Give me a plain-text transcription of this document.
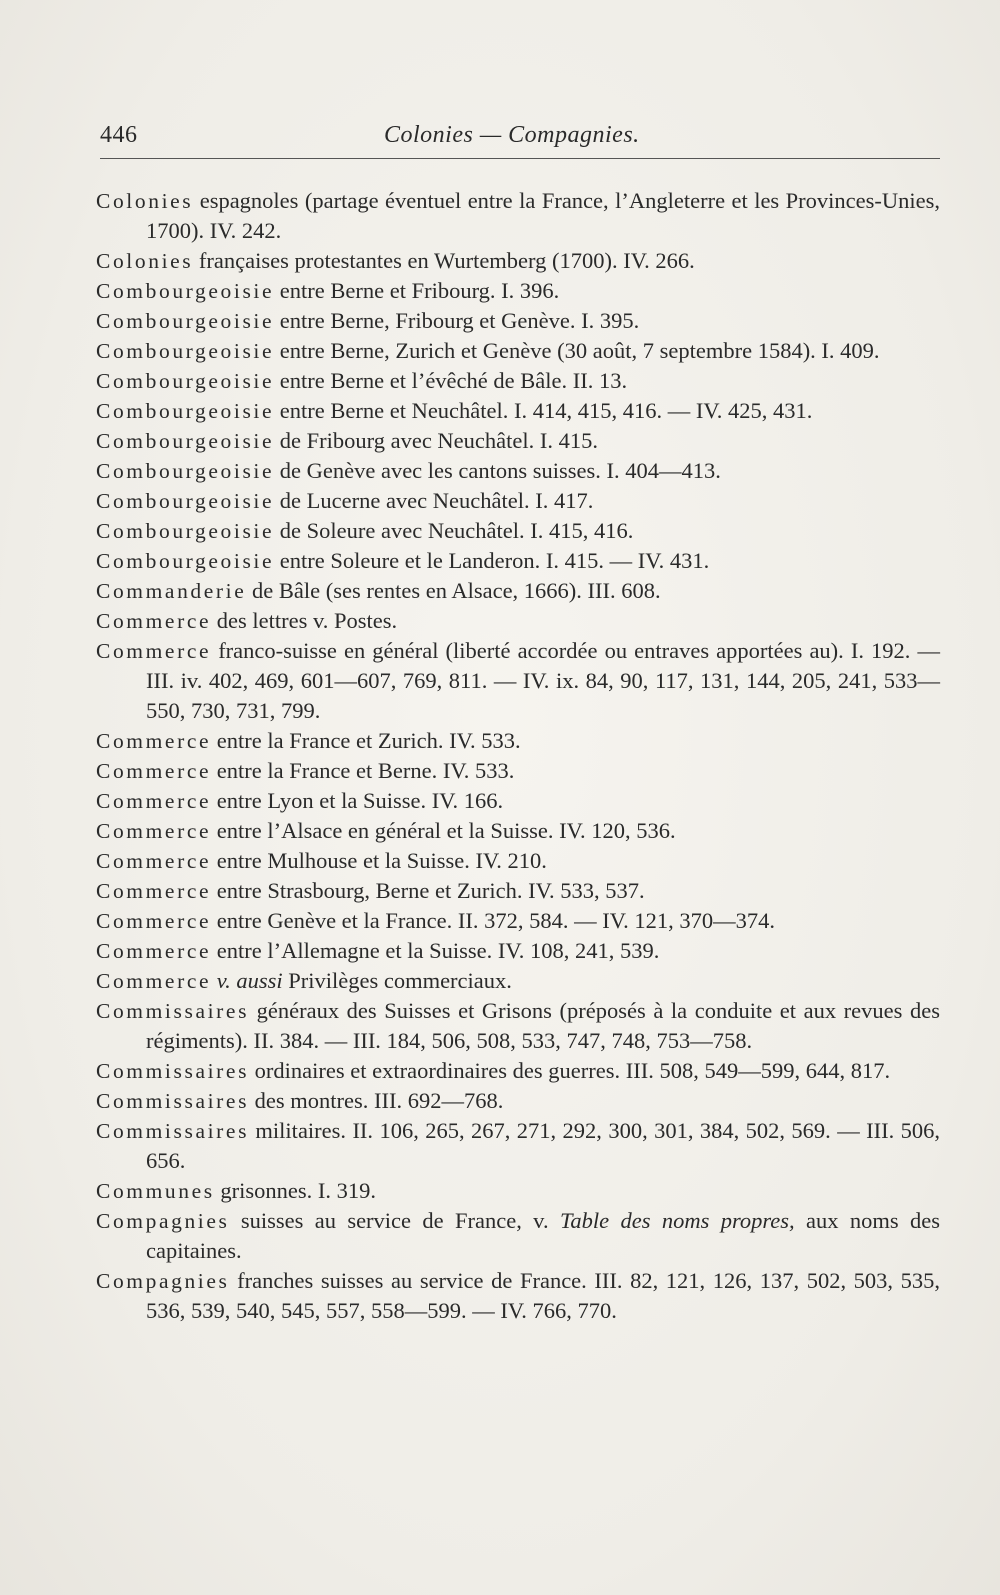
446	Colonies — Compagnies.

Colonies espagnoles (partage éventuel entre la France, l’Angleterre et les Provinces-Unies, 1700). IV. 242.

Colonies françaises protestantes en Wurtemberg (1700). IV. 266.

Combourgeoisie entre Berne et Fribourg. I. 396.

Combourgeoisie entre Berne, Fribourg et Genève. I. 395.

Combourgeoisie entre Berne, Zurich et Genève (30 août, 7 septembre 1584). I. 409.

Combourgeoisie entre Berne et l’évêché de Bâle. II. 13.

Combourgeoisie entre Berne et Neuchâtel. I. 414, 415, 416. — IV. 425, 431.

Combourgeoisie de Fribourg avec Neuchâtel. I. 415.

Combourgeoisie de Genève avec les cantons suisses. I. 404—413.

Combourgeoisie de Lucerne avec Neuchâtel. I. 417.

Combourgeoisie de Soleure avec Neuchâtel. I. 415, 416.

Combourgeoisie entre Soleure et le Landeron. I. 415. — IV. 431.

Commanderie de Bâle (ses rentes en Alsace, 1666). III. 608.

Commerce des lettres v. Postes.

Commerce franco-suisse en général (liberté accordée ou entraves apportées au). I. 192. — III. iv. 402, 469, 601—607, 769, 811. — IV. ix. 84, 90, 117, 131, 144, 205, 241, 533—550, 730, 731, 799.

Commerce entre la France et Zurich. IV. 533.

Commerce entre la France et Berne. IV. 533.

Commerce entre Lyon et la Suisse. IV. 166.

Commerce entre l’Alsace en général et la Suisse. IV. 120, 536.

Commerce entre Mulhouse et la Suisse. IV. 210.

Commerce entre Strasbourg, Berne et Zurich. IV. 533, 537.

Commerce entre Genève et la France. II. 372, 584. — IV. 121, 370—374.

Commerce entre l’Allemagne et la Suisse. IV. 108, 241, 539.

Commerce v. aussi Privilèges commerciaux.

Commissaires généraux des Suisses et Grisons (préposés à la conduite et aux revues des régiments). II. 384. — III. 184, 506, 508, 533, 747, 748, 753—758.

Commissaires ordinaires et extraordinaires des guerres. III. 508, 549—599, 644, 817.

Commissaires des montres. III. 692—768.

Commissaires militaires. II. 106, 265, 267, 271, 292, 300, 301, 384, 502, 569. — III. 506, 656.

Communes grisonnes. I. 319.

Compagnies suisses au service de France, v. Table des noms propres, aux noms des capitaines.

Compagnies franches suisses au service de France. III. 82, 121, 126, 137, 502, 503, 535, 536, 539, 540, 545, 557, 558—599. — IV. 766, 770.
